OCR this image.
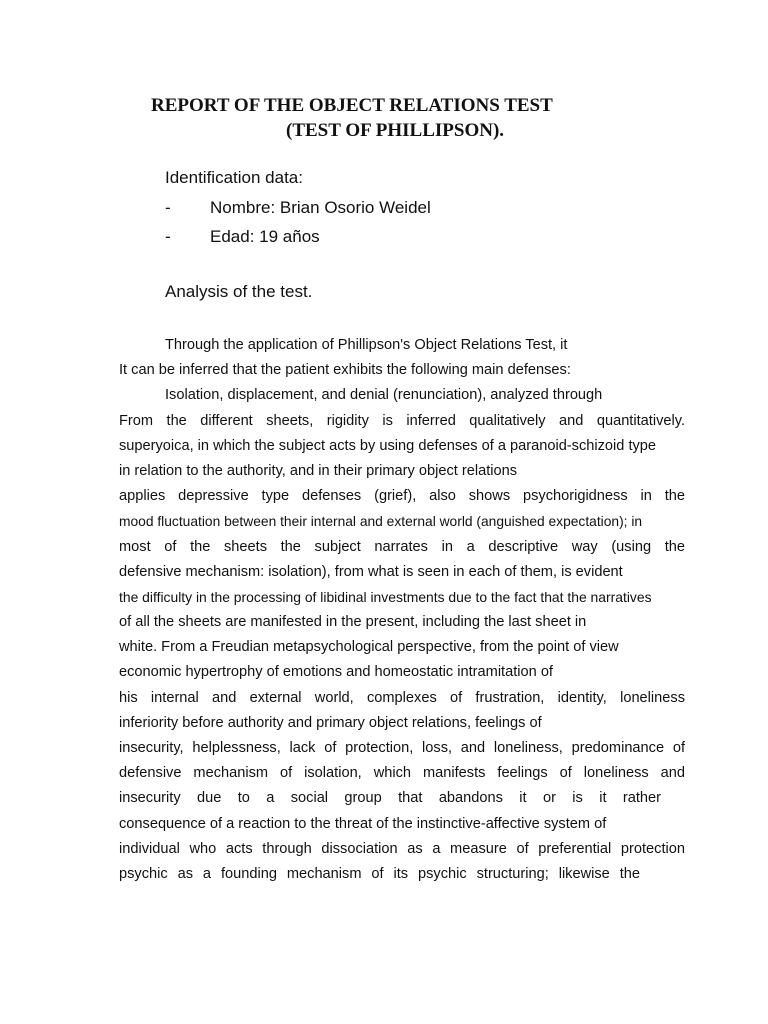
REPORT OF THE OBJECT RELATIONS TEST
(TEST OF PHILLIPSON).
Identification data:
- Nombre: Brian Osorio Weidel
- Edad: 19 años
Analysis of the test.
Through the application of Phillipson's Object Relations Test, it
It can be inferred that the patient exhibits the following main defenses:
Isolation, displacement, and denial (renunciation), analyzed through
From the different sheets, rigidity is inferred qualitatively and quantitatively.
superyoica, in which the subject acts by using defenses of a paranoid-schizoid type
in relation to the authority, and in their primary object relations
applies depressive type defenses (grief), also shows psychorigidness in the
mood fluctuation between their internal and external world (anguished expectation); in
most of the sheets the subject narrates in a descriptive way (using the
defensive mechanism: isolation), from what is seen in each of them, is evident
the difficulty in the processing of libidinal investments due to the fact that the narratives
of all the sheets are manifested in the present, including the last sheet in
white. From a Freudian metapsychological perspective, from the point of view
economic hypertrophy of emotions and homeostatic intramitation of
his internal and external world, complexes of frustration, identity, loneliness
inferiority before authority and primary object relations, feelings of
insecurity, helplessness, lack of protection, loss, and loneliness, predominance of
defensive mechanism of isolation, which manifests feelings of loneliness and
insecurity due to a social group that abandons it or is it rather
consequence of a reaction to the threat of the instinctive-affective system of
individual who acts through dissociation as a measure of preferential protection
psychic as a founding mechanism of its psychic structuring; likewise the
